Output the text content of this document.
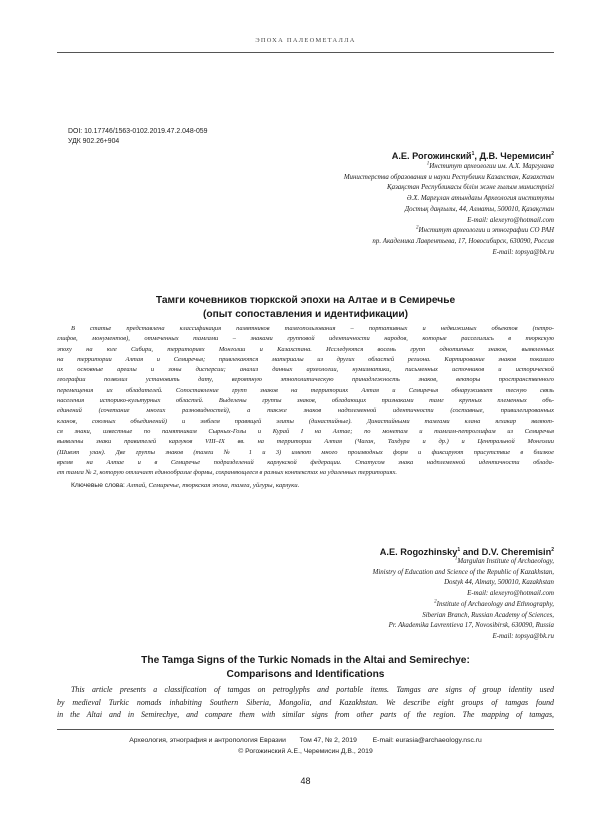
ЭПОХА ПАЛЕОМЕТАЛЛА
DOI: 10.17746/1563-0102.2019.47.2.048-059
УДК 902.26+904
А.Е. Рогожинский$^1$, Д.В. Черемисин$^2$
$^1$Институт археологии им. А.Х. Маргулана
Министерства образования и науки Республики Казахстан, Казахстан
Қазақстан Республикасы білім және ғылым министрлігі
Ә.Х. Марғұлан атындағы Археология институты
Достық даңғылы, 44, Алматы, 500010, Қазақстан
E-mail: alexeyro@hotmail.com
$^2$Институт археологии и этнографии СО РАН
пр. Академика Лаврентьева, 17, Новосибирск, 630090, Россия
E-mail: topsya@bk.ru
Тамги кочевников тюркской эпохи на Алтае и в Семиречье
(опыт сопоставления и идентификации)
В статье представлена классификация памятников тамгопользования – портативных и недвижимых объектов (петро-
глифов, монументов), отмеченных тамгами – знаками групповой идентичности народов, которые расселились в тюркскую
эпоху на юге Сибири, территориях Монголии и Казахстана. Исследуются восемь групп однотипных знаков, выявленных
на территории Алтая и Семиречья; привлекаются материалы из других областей региона. Картирование знаков показало
их основные ареалы и зоны дисперсии; анализ данных археологии, нумизматики, письменных источников и исторической
географии позволил установить дату, вероятную этнополитическую принадлежность знаков, векторы пространственного
перемещения их обладателей. Сопоставление групп знаков на территориях Алтая и Семиречья обнаруживает тесную связь
населения историко-культурных областей. Выделены группы знаков, обладающих признаками тамг крупных племенных объ-
единений (сочетание многих разновидностей), а также знаков надплеменной идентичности (составные, привилегированных
кланов, союзных объединений) и эмблем правящей элиты (династийные). Династийными тамгами клана ягхакар являют-
ся знаки, известные по памятникам Сырных-Гозы и Курай I на Алтае; по монетам и тамгам-петроглифам из Семиречья
выявлены знаки правителей карлуков VIII–IX вв. на территории Алтая (Чаган, Тахдура и др.) и Центральной Монголии
(Шивэт улан). Две группы знаков (тамги № 1 и 3) имеют много производных форм и фиксируют присутствие в близкое
время на Алтае и в Семиречье подразделений карлукской федерации. Статусом знака надплеменной идентичности облада-
ет тамга № 2, которую отличает единообразие формы, сохраняющееся в разных контекстах на удаленных территориях.
Ключевые слова: Алтай, Семиречье, тюркская эпоха, тамга, уйгуры, карлуки.
A.E. Rogozhinsky$^1$ and D.V. Cheremisin$^2$
$^1$Margulan Institute of Archaeology,
Ministry of Education and Science of the Republic of Kazakhstan,
Dostyk 44, Almaty, 500010, Kazakhstan
E-mail: alexeyro@hotmail.com
$^2$Institute of Archaeology and Ethnography,
Siberian Branch, Russian Academy of Sciences,
Pr. Akademika Lavrentieva 17, Novosibirsk, 630090, Russia
E-mail: topsya@bk.ru
The Tamga Signs of the Turkic Nomads in the Altai and Semirechye:
Comparisons and Identifications
This article presents a classification of tamgas on petroglyphs and portable items. Tamgas are signs of group identity used
by medieval Turkic nomads inhabiting Southern Siberia, Mongolia, and Kazakhstan. We describe eight groups of tamgas found
in the Altai and in Semirechye, and compare them with similar signs from other parts of the region. The mapping of tamgas,
Археология, этнография и антропология Евразии Том 47, № 2, 2019 E-mail: eurasia@archaeology.nsc.ru
© Рогожинский А.Е., Черемисин Д.В., 2019
48
